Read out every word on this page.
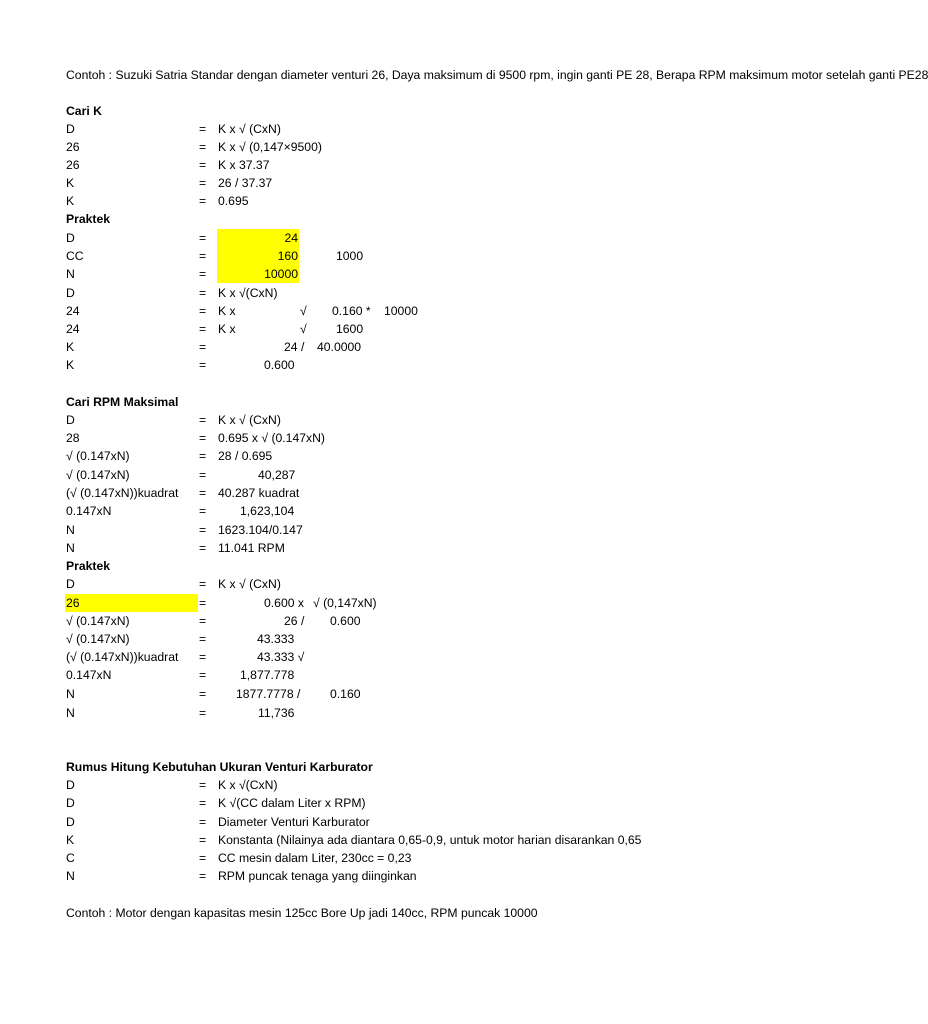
Contoh : Suzuki Satria Standar dengan diameter venturi 26, Daya maksimum di 9500 rpm, ingin ganti PE 28, Berapa RPM maksimum motor setelah ganti PE28
Cari K
D	= K x √ (CxN)
26	= K x √ (0,147×9500)
26	= K x 37.37
K	= 26 / 37.37
K	= 0.695
Praktek
D	=	24
CC	=	160	1000
N	=	10000
D	= K x √(CxN)
24	= K x	√ 0.160 * 10000
24	= K x	√ 1600
K	=	24 / 40.0000
K	=	0.600
Cari RPM Maksimal
D	= K x √ (CxN)
28	= 0.695 x √ (0.147xN)
√ (0.147xN)	= 28 / 0.695
√ (0.147xN)	=	40,287
(√ (0.147xN))kuadrat = 40.287 kuadrat
0.147xN	=	1,623,104
N	= 1623.104/0.147
N	= 11.041 RPM
Praktek
D	= K x √ (CxN)
26	=	0.600 x √ (0,147xN)
√ (0.147xN)	=	26 / 0.600
√ (0.147xN)	=	43.333
(√ (0.147xN))kuadrat =	43.333 √
0.147xN	=	1,877.778
N	= 1877.7778 / 0.160
N	=	11,736
Rumus Hitung Kebutuhan Ukuran Venturi Karburator
D	= K x √(CxN)
D	= K √(CC dalam Liter x RPM)
D	= Diameter Venturi Karburator
K	= Konstanta (Nilainya ada diantara 0,65-0,9, untuk motor harian disarankan 0,65
C	= CC mesin dalam Liter, 230cc = 0,23
N	= RPM puncak tenaga yang diinginkan
Contoh : Motor dengan kapasitas mesin 125cc Bore Up jadi 140cc, RPM puncak 10000
